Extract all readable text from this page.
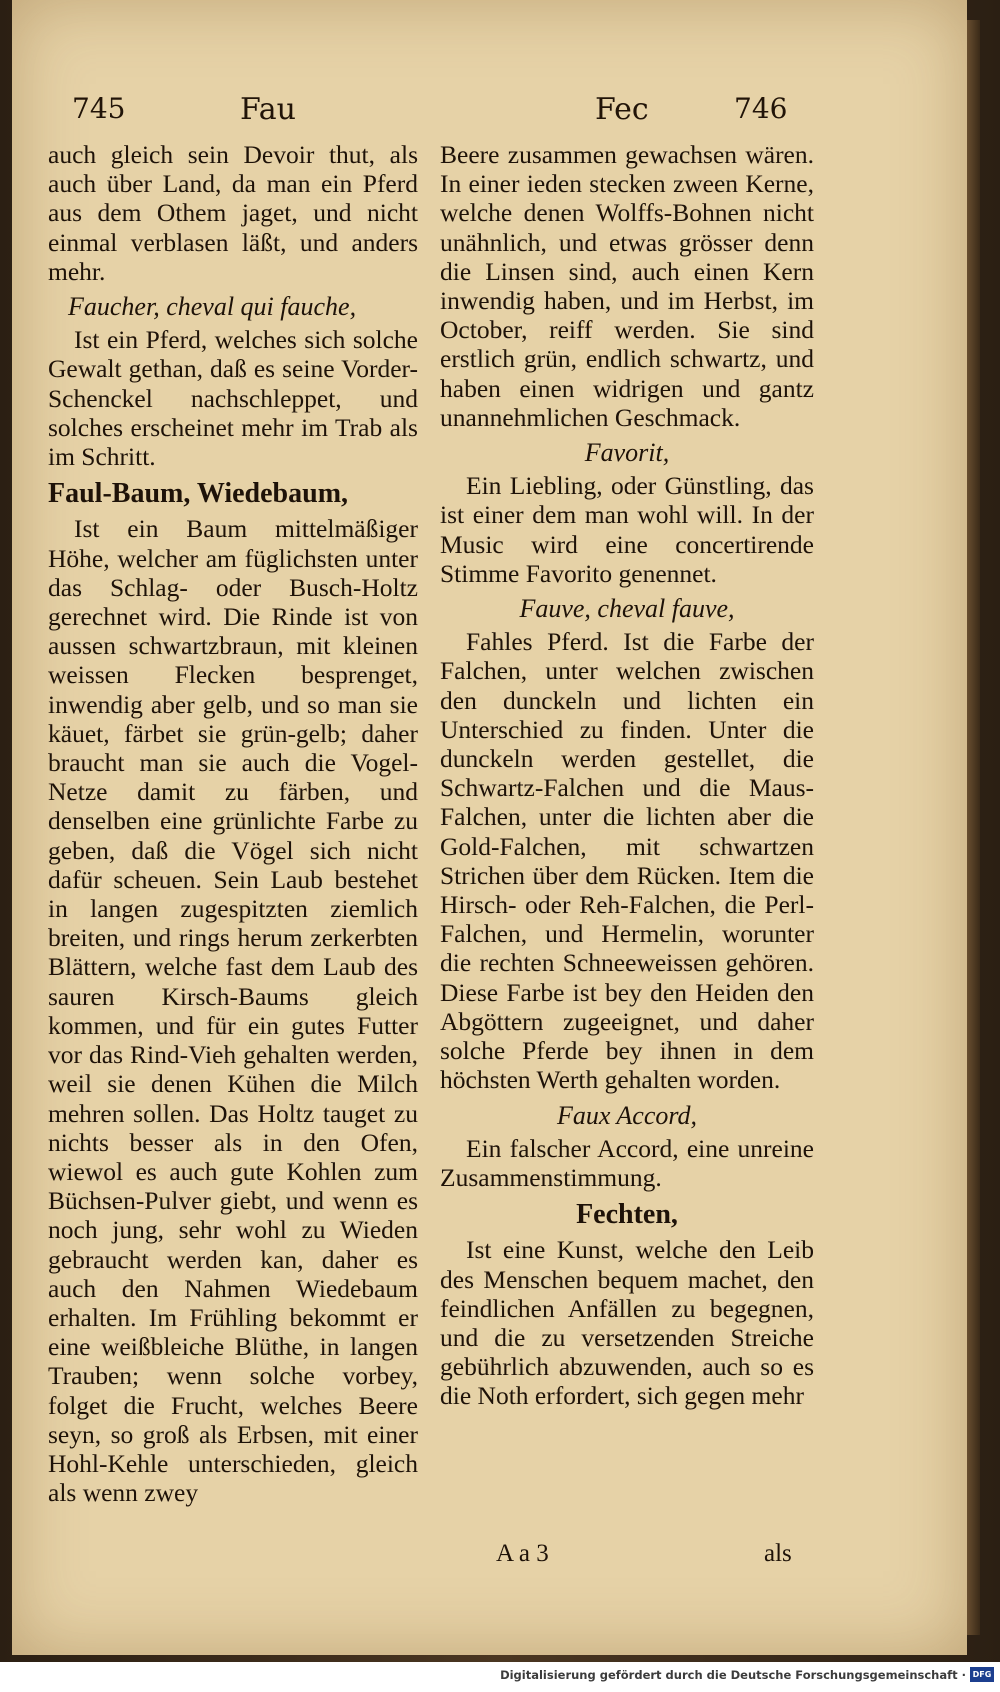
745	Fau	Fec	746

auch gleich sein Devoir thut, als auch über Land, da man ein Pferd aus dem Othem jaget, und nicht einmal verblasen läßt, und anders mehr.

Faucher, cheval qui fauche,

Ist ein Pferd, welches sich solche Gewalt gethan, daß es seine Vorder-Schenckel nachschleppet, und solches erscheinet mehr im Trab als im Schritt.

Faul-Baum, Wiedebaum,

Ist ein Baum mittelmäßiger Höhe, welcher am füglichsten unter das Schlag- oder Busch-Holtz gerechnet wird. Die Rinde ist von aussen schwartzbraun, mit kleinen weissen Flecken besprenget, inwendig aber gelb, und so man sie käuet, färbet sie grün-gelb; daher braucht man sie auch die Vogel-Netze damit zu färben, und denselben eine grünlichte Farbe zu geben, daß die Vögel sich nicht dafür scheuen. Sein Laub bestehet in langen zugespitzten ziemlich breiten, und rings herum zerkerbten Blättern, welche fast dem Laub des sauren Kirsch-Baums gleich kommen, und für ein gutes Futter vor das Rind-Vieh gehalten werden, weil sie denen Kühen die Milch mehren sollen. Das Holtz tauget zu nichts besser als in den Ofen, wiewol es auch gute Kohlen zum Büchsen-Pulver giebt, und wenn es noch jung, sehr wohl zu Wieden gebraucht werden kan, daher es auch den Nahmen Wiedebaum erhalten. Im Frühling bekommt er eine weißbleiche Blüthe, in langen Trauben; wenn solche vorbey, folget die Frucht, welches Beere seyn, so groß als Erbsen, mit einer Hohl-Kehle unterschieden, gleich als wenn zwey

Beere zusammen gewachsen wären. In einer ieden stecken zween Kerne, welche denen Wolffs-Bohnen nicht unähnlich, und etwas grösser denn die Linsen sind, auch einen Kern inwendig haben, und im Herbst, im October, reiff werden. Sie sind erstlich grün, endlich schwartz, und haben einen widrigen und gantz unannehmlichen Geschmack.

Favorit,

Ein Liebling, oder Günstling, das ist einer dem man wohl will. In der Music wird eine concertirende Stimme Favorito genennet.

Fauve, cheval fauve,

Fahles Pferd. Ist die Farbe der Falchen, unter welchen zwischen den dunckeln und lichten ein Unterschied zu finden. Unter die dunckeln werden gestellet, die Schwartz-Falchen und die Maus-Falchen, unter die lichten aber die Gold-Falchen, mit schwartzen Strichen über dem Rücken. Item die Hirsch- oder Reh-Falchen, die Perl-Falchen, und Hermelin, worunter die rechten Schneeweissen gehören. Diese Farbe ist bey den Heiden den Abgöttern zugeeignet, und daher solche Pferde bey ihnen in dem höchsten Werth gehalten worden.

Faux Accord,

Ein falscher Accord, eine unreine Zusammenstimmung.

Fechten,

Ist eine Kunst, welche den Leib des Menschen bequem machet, den feindlichen Anfällen zu begegnen, und die zu versetzenden Streiche gebührlich abzuwenden, auch so es die Noth erfordert, sich gegen mehr

A a 3	als
Digitalisierung gefördert durch die Deutsche Forschungsgemeinschaft · DFG
